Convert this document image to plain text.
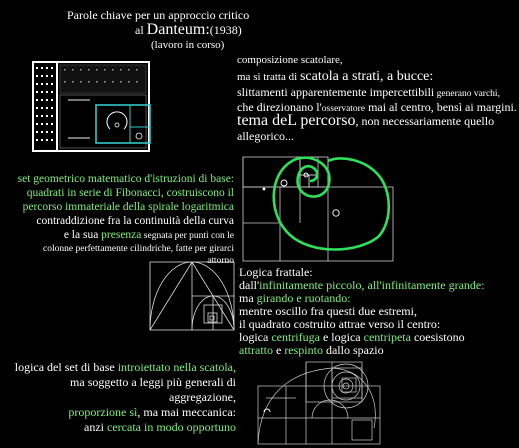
Parole chiave per un approccio critico
al Danteum:(1938)
(lavoro in corso)
composizione scatolare,
ma si tratta di scatola a strati, a bucce:
slittamenti apparentemente impercettibili generano varchi,
che direzionano l'osservatore mai al centro, bensì ai margini.
tema deL percorso, non necessariamente quello
allegorico...
set geometrico matematico d'istruzioni di base:
quadrati in serie di Fibonacci, costruiscono il
percorso immateriale della spirale logaritmica
contraddizione fra la continuità della curva
e la sua presenza segnata per punti con le
colonne perfettamente cilindriche, fatte per girarci
attorno
Logica frattale:
dall'infinitamente piccolo, all'infinitamente grande:
ma girando e ruotando:
mentre oscillo fra questi due estremi,
il quadrato costruito attrae verso il centro:
logica centrifuga e logica centripeta coesistono
attratto e respinto dallo spazio
logica del set di base introiettato nella scatola,
ma soggetto a leggi più generali di
aggregazione,
proporzione sì, ma mai meccanica:
anzi cercata in modo opportuno
